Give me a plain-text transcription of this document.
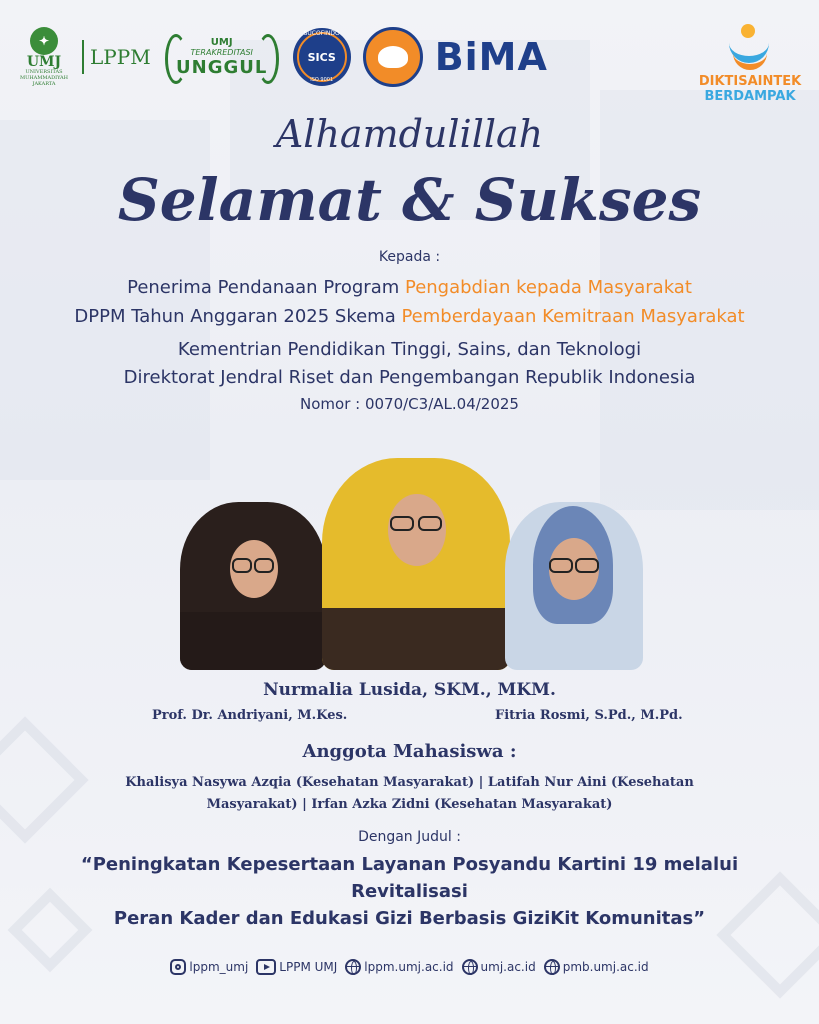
✦
UMJ
UNIVERSITAS MUHAMMADIYAH JAKARTA
LPPM
UMJ
TERAKREDITASI
UNGGUL
SUCOFINDO
SICS
ISO 9001
BiMA
DIKTISAINTEK
BERDAMPAK
Alhamdulillah
Selamat & Sukses
Kepada :
Penerima Pendanaan Program Pengabdian kepada Masyarakat
DPPM Tahun Anggaran 2025 Skema Pemberdayaan Kemitraan Masyarakat
Kementrian Pendidikan Tinggi, Sains, dan Teknologi
Direktorat Jendral Riset dan Pengembangan Republik Indonesia
Nomor : 0070/C3/AL.04/2025
Nurmalia Lusida, SKM., MKM.
Prof. Dr. Andriyani, M.Kes.	Fitria Rosmi, S.Pd., M.Pd.
Anggota Mahasiswa :
Khalisya Nasywa Azqia (Kesehatan Masyarakat) | Latifah Nur Aini (Kesehatan
Masyarakat) | Irfan Azka Zidni (Kesehatan Masyarakat)
Dengan Judul :
“Peningkatan Kepesertaan Layanan Posyandu Kartini 19 melalui Revitalisasi
Peran Kader dan Edukasi Gizi Berbasis GiziKit Komunitas”
lppm_umj	LPPM UMJ lppm.umj.ac.id umj.ac.id pmb.umj.ac.id
